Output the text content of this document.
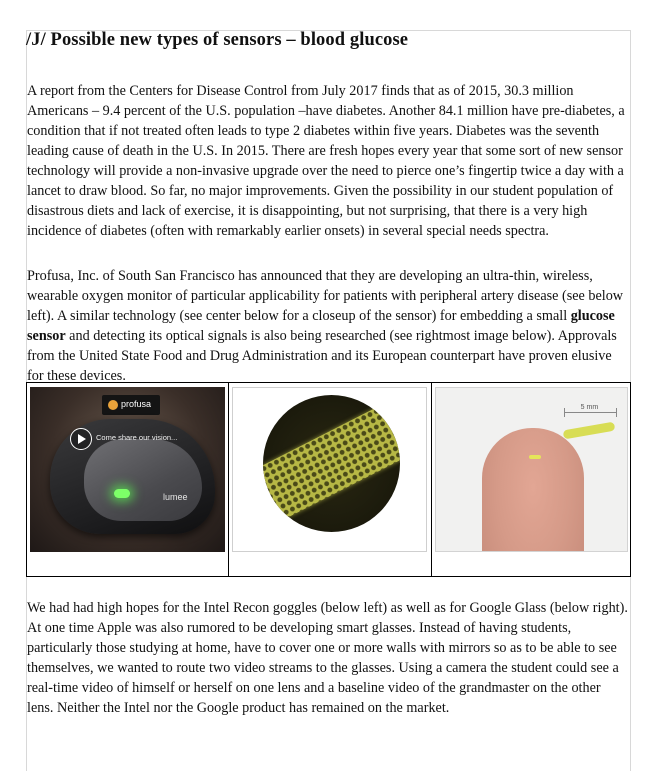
/J/ Possible new types of sensors – blood glucose

A report from the Centers for Disease Control from July 2017 finds that as of 2015, 30.3 million Americans – 9.4 percent of the U.S. population –have diabetes. Another 84.1 million have pre-diabetes, a condition that if not treated often leads to type 2 diabetes within five years. Diabetes was the seventh leading cause of death in the U.S. In 2015. There are fresh hopes every year that some sort of new sensor technology will provide a non-invasive upgrade over the need to pierce one’s fingertip twice a day with a lancet to draw blood. So far, no major improvements. Given the possibility in our student population of disastrous diets and lack of exercise, it is disappointing, but not surprising, that there is a very high incidence of diabetes (often with remarkably earlier onsets) in several special needs spectra.

Profusa, Inc. of South San Francisco has announced that they are developing an ultra-thin, wireless, wearable oxygen monitor of particular applicability for patients with peripheral artery disease (see below left). A similar technology (see center below for a closeup of the sensor) for embedding a small glucose sensor and detecting its optical signals is also being researched (see rightmost image below). Approvals from the United State Food and Drug Administration and its European counterpart have proven elusive for these devices.

profusa
lumee
Come share our vision...
5 mm

We had had high hopes for the Intel Recon goggles (below left) as well as for Google Glass (below right). At one time Apple was also rumored to be developing smart glasses. Instead of having students, particularly those studying at home, have to cover one or more walls with mirrors so as to be able to see themselves, we wanted to route two video streams to the glasses. Using a camera the student could see a real-time video of himself or herself on one lens and a baseline video of the grandmaster on the other lens. Neither the Intel nor the Google product has remained on the market.
